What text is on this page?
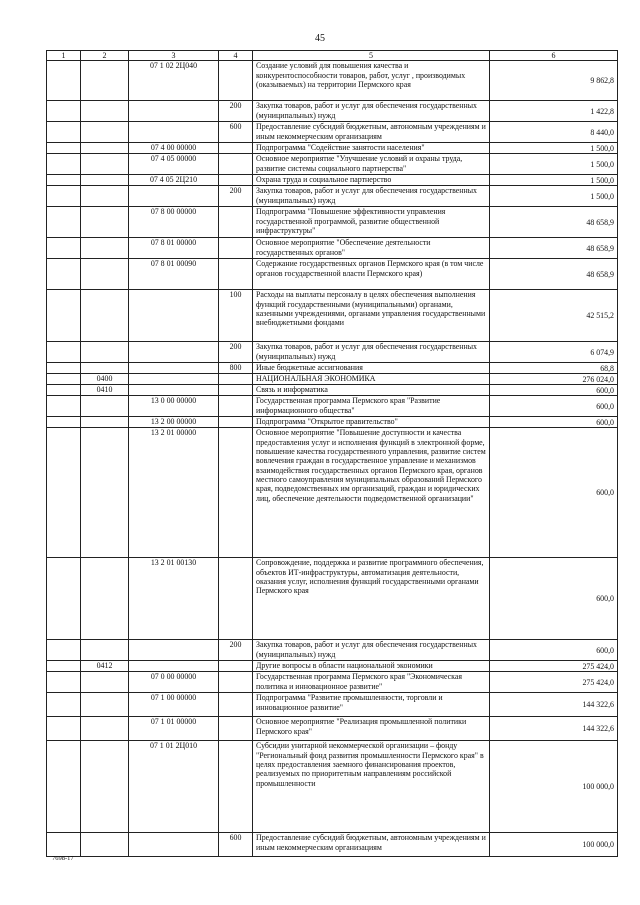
45
1	2	3	4	5	6
		07 1 02 2Ц040		Создание условий для повышения качества и конкурентоспособности товаров, работ, услуг , производимых (оказываемых) на территории Пермского края	9 862,8
			200	Закупка товаров, работ и услуг для обеспечения государственных (муниципальных) нужд	1 422,8
			600	Предоставление субсидий бюджетным, автономным учреждениям и иным некоммерческим организациям	8 440,0
		07 4 00 00000		Подпрограмма "Содействие занятости населения"	1 500,0
		07 4 05 00000		Основное мероприятие "Улучшение условий и охраны труда, развитие системы социального партнерства"	1 500,0
		07 4 05 2Ц210		Охрана труда и социальное партнерство	1 500,0
			200	Закупка товаров, работ и услуг для обеспечения государственных (муниципальных) нужд	1 500,0
		07 8 00 00000		Подпрограмма "Повышение эффективности управления государственной программой, развитие общественной инфраструктуры"	48 658,9
		07 8 01 00000		Основное мероприятие "Обеспечение деятельности государственных органов"	48 658,9
		07 8 01 00090		Содержание государственных органов Пермского края (в том числе органов государственной власти Пермского края)	48 658,9
			100	Расходы на выплаты персоналу в целях обеспечения выполнения функций государственными (муниципальными) органами, казенными учреждениями, органами управления государственными внебюджетными фондами	42 515,2
			200	Закупка товаров, работ и услуг для обеспечения государственных (муниципальных) нужд	6 074,9
			800	Иные бюджетные ассигнования	68,8
	0400			НАЦИОНАЛЬНАЯ ЭКОНОМИКА	276 024,0
	0410			Связь и информатика	600,0
		13 0 00 00000		Государственная программа Пермского края "Развитие информационного общества"	600,0
		13 2 00 00000		Подпрограмма "Открытое правительство"	600,0
		13 2 01 00000		Основное мероприятие "Повышение доступности и качества предоставления услуг и исполнения функций в электронной форме, повышение качества государственного управления, развитие систем вовлечения граждан в государственное управление и механизмов взаимодействия государственных органов Пермского края, органов местного самоуправления муниципальных образований Пермского края, подведомственных им организаций, граждан и юридических лиц, обеспечение деятельности подведомственной организации"	600,0
		13 2 01 00130		Сопровождение, поддержка и развитие программного обеспечения, объектов ИТ-инфраструктуры, автоматизация деятельности, оказания услуг, исполнения функций государственными органами Пермского края	600,0
			200	Закупка товаров, работ и услуг для обеспечения государственных (муниципальных) нужд	600,0
	0412			Другие вопросы в области национальной экономики	275 424,0
		07 0 00 00000		Государственная программа Пермского края "Экономическая политика и инновационное развитие"	275 424,0
		07 1 00 00000		Подпрограмма "Развитие промышленности, торговли и инновационное развитие"	144 322,6
		07 1 01 00000		Основное мероприятие "Реализация промышленной политики Пермского края"	144 322,6
		07 1 01 2Ц010		Субсидии унитарной некоммерческой организации – фонду "Региональный фонд развития промышленности Пермского края" в целях предоставления заемного финансирования проектов, реализуемых по приоритетным направлениям российской промышленности	100 000,0
			600	Предоставление субсидий бюджетным, автономным учреждениям и иным некоммерческим организациям	100 000,0
7698-17
